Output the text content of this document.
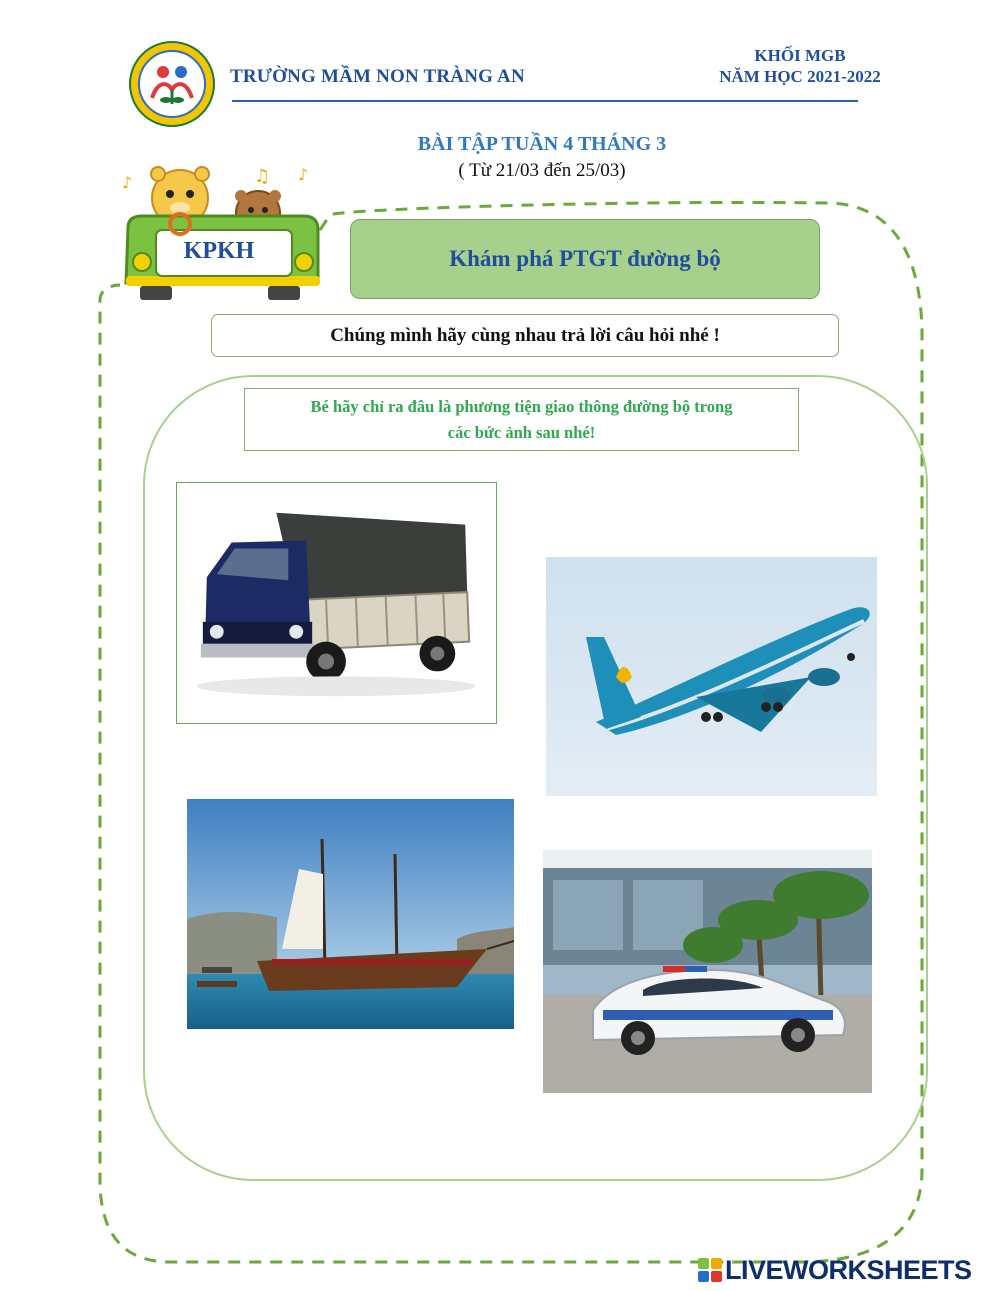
TRƯỜNG MẦM NON TRÀNG AN
KHỐI MGB
NĂM HỌC 2021-2022
BÀI TẬP TUẦN 4 THÁNG 3
( Từ 21/03 đến 25/03)
♫ ♪
♪
KPKH	Khám phá PTGT đường bộ
Chúng mình hãy cùng nhau trả lời câu hỏi nhé !
Bé hãy chỉ ra đâu là phương tiện giao thông đường bộ trong
các bức ảnh sau nhé!
LIVEWORKSHEETS
